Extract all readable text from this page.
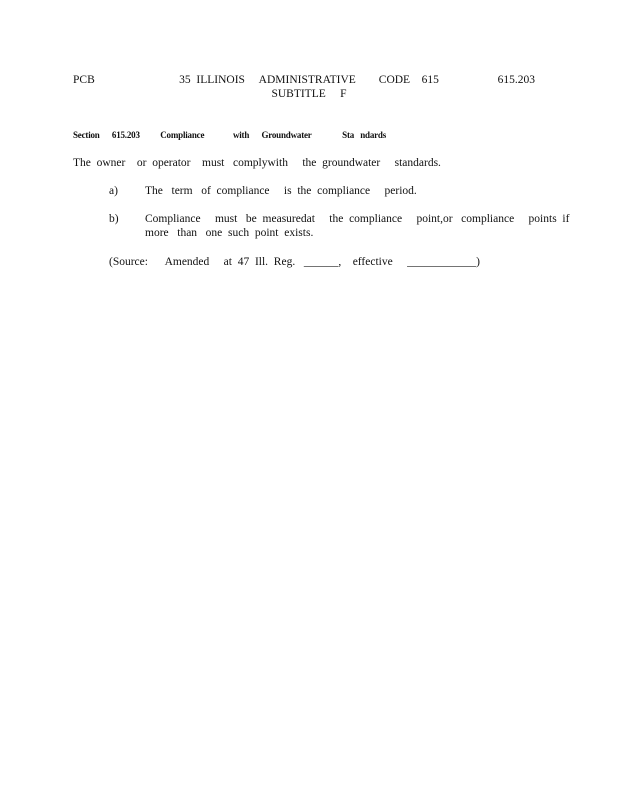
PCB	35  ILLINOIS     ADMINISTRATIVE        CODE    615
SUBTITLE     F
615.203
Section      615.203          Compliance              with      Groundwater               Sta   ndards
The  owner    or  operator    must   complywith     the  groundwater     standards.
a) The   term   of  compliance     is  the  compliance     period.
b) Compliance     must   be  measuredat     the  compliance     point,or   compliance     points  if
more   than   one  such  point  exists.
(Source:      Amended     at  47  Ill.  Reg.   ______,    effective     ____________)
